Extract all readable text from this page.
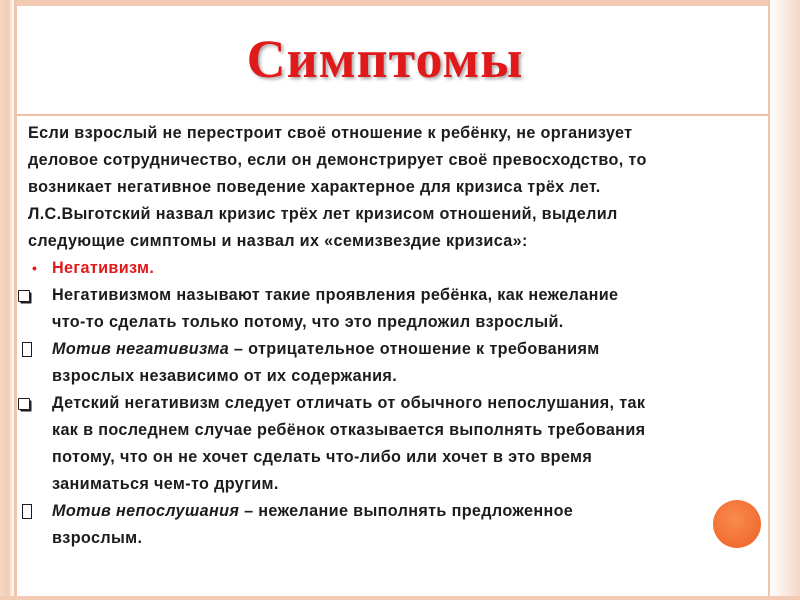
Симптомы

Если взрослый не перестроит своё отношение к ребёнку, не организует

деловое сотрудничество, если он демонстрирует своё превосходство, то

возникает негативное поведение характерное для кризиса трёх лет.

Л.С.Выготский назвал кризис трёх лет кризисом отношений, выделил

следующие симптомы и назвал их «семизвездие кризиса»:

• Негативизм.
Негативизмом называют такие проявления ребёнка, как нежелание
что-то сделать только потому, что это предложил взрослый.
Мотив негативизма – отрицательное отношение к требованиям
взрослых независимо от их содержания.
Детский негативизм следует отличать от обычного непослушания, так
как в последнем случае ребёнок отказывается выполнять требования
потому, что он не хочет сделать что-либо или хочет в это время
заниматься чем-то другим.
Мотив непослушания – нежелание выполнять предложенное
взрослым.
